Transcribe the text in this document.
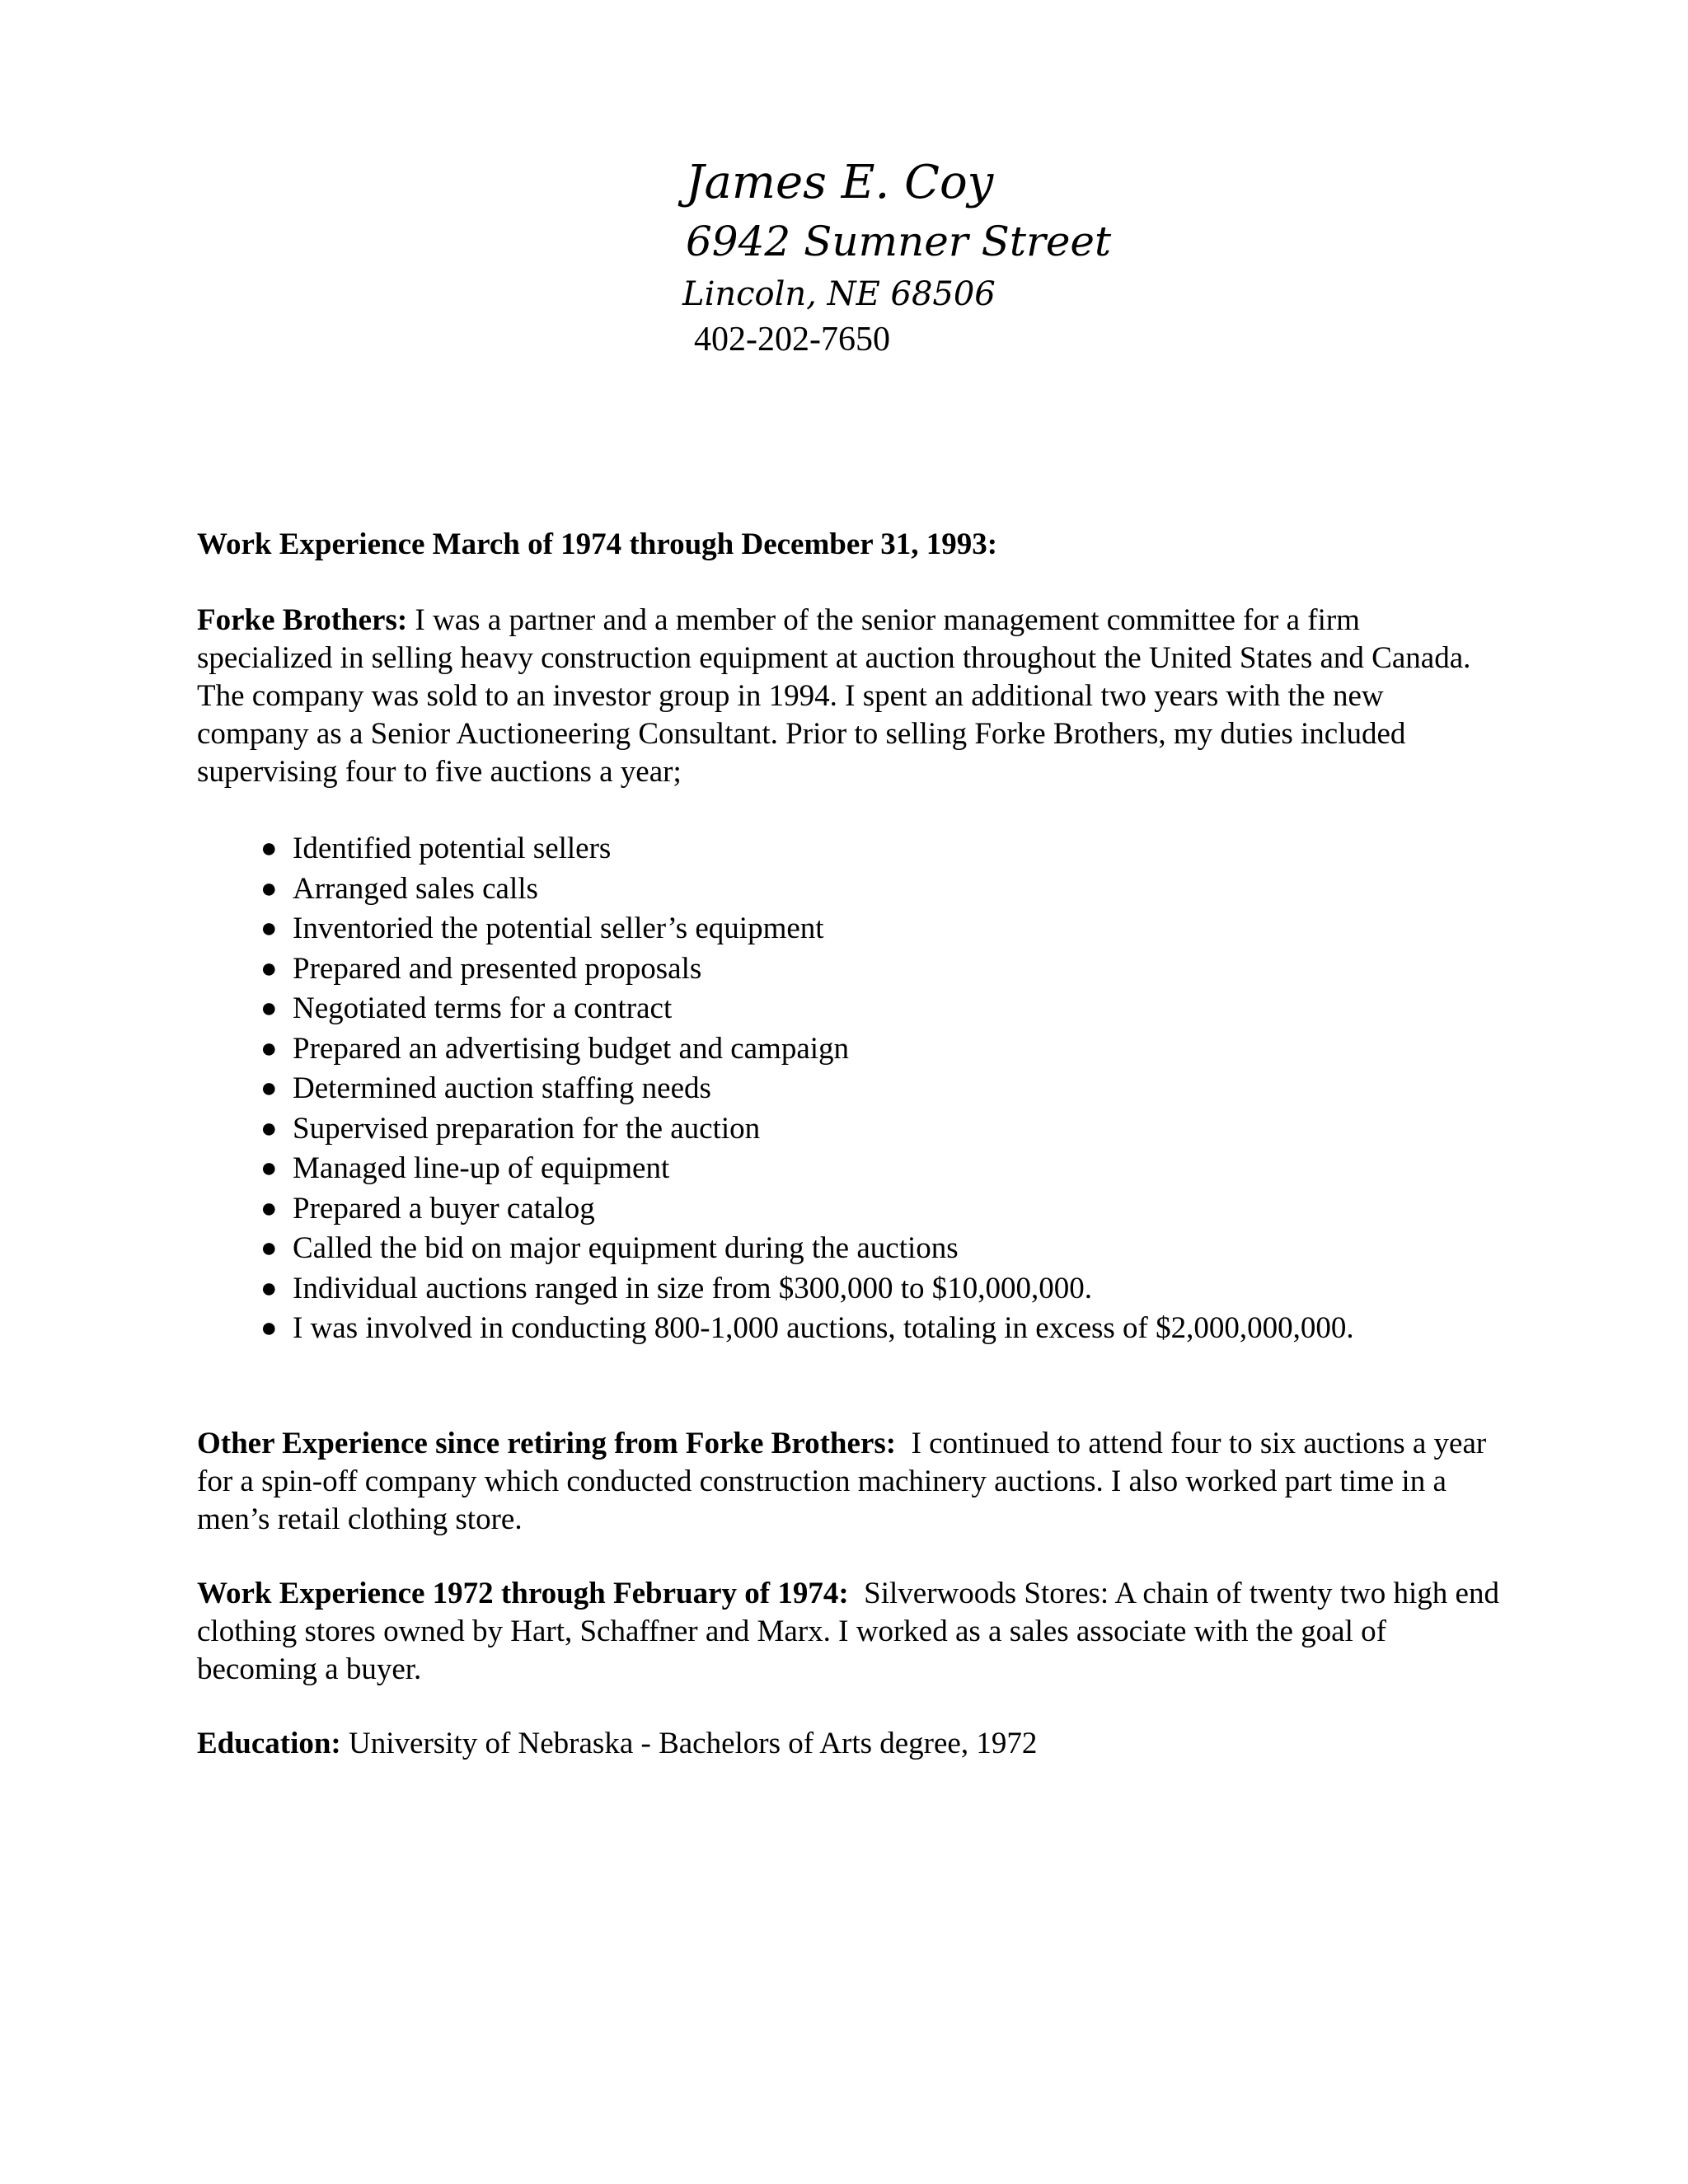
James E. Coy
6942 Sumner Street
Lincoln, NE 68506
402-202-7650

Work Experience March of 1974 through December 31, 1993:

Forke Brothers: I was a partner and a member of the senior management committee for a firm specialized in selling heavy construction equipment at auction throughout the United States and Canada. The company was sold to an investor group in 1994. I spent an additional two years with the new company as a Senior Auctioneering Consultant. Prior to selling Forke Brothers, my duties included supervising four to five auctions a year;

● Identified potential sellers
● Arranged sales calls
● Inventoried the potential seller’s equipment
● Prepared and presented proposals
● Negotiated terms for a contract
● Prepared an advertising budget and campaign
● Determined auction staffing needs
● Supervised preparation for the auction
● Managed line-up of equipment
● Prepared a buyer catalog
● Called the bid on major equipment during the auctions
● Individual auctions ranged in size from $300,000 to $10,000,000.
● I was involved in conducting 800-1,000 auctions, totaling in excess of $2,000,000,000.

Other Experience since retiring from Forke Brothers: I continued to attend four to six auctions a year for a spin-off company which conducted construction machinery auctions. I also worked part time in a men’s retail clothing store.

Work Experience 1972 through February of 1974: Silverwoods Stores: A chain of twenty two high end clothing stores owned by Hart, Schaffner and Marx. I worked as a sales associate with the goal of becoming a buyer.

Education: University of Nebraska - Bachelors of Arts degree, 1972
